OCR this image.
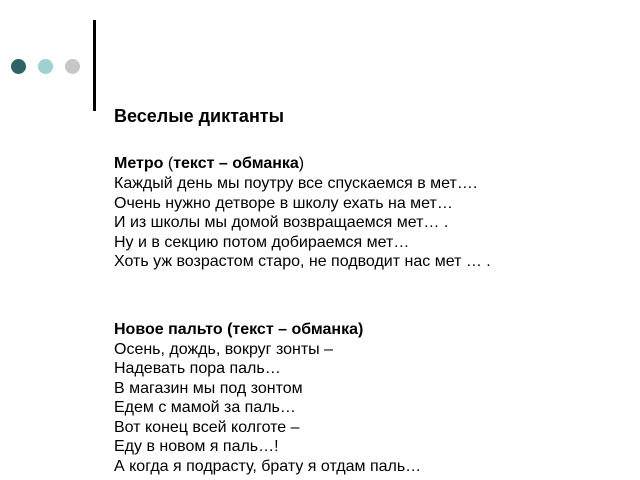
Веселые диктанты
Метро (текст – обманка)
Каждый день мы поутру все спускаемся в мет….
Очень нужно детворе в школу ехать на мет…
И из школы мы домой возвращаемся мет… .
Ну и в секцию потом добираемся мет…
Хоть уж возрастом старо, не подводит нас мет … .
Новое пальто (текст – обманка)
Осень, дождь, вокруг зонты –
Надевать пора паль…
В магазин мы под зонтом
Едем с мамой за паль…
Вот конец всей колготе –
Еду в новом я паль…!
А когда я подрасту, брату я отдам паль…
